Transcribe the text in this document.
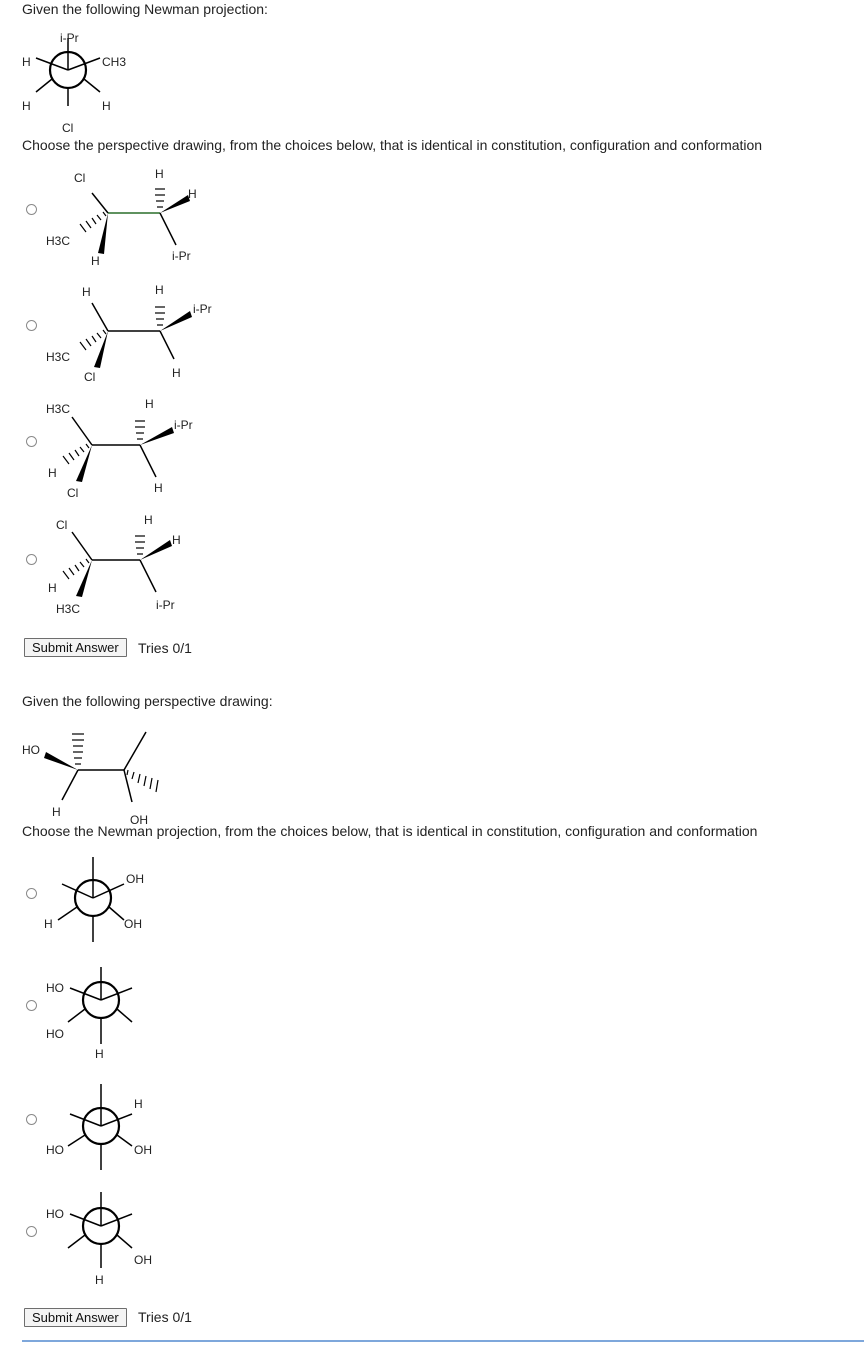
Given the following Newman projection:
i-Pr
CH3
H
H	H
Cl
Choose the perspective drawing, from the choices below, that is identical in constitution, configuration and conformation
Cl
H3C
H
H
H
i-Pr
H
H3C
Cl
H
i-Pr
H
H3C
H
Cl
H
i-Pr
H
Cl
H
H3C
H
H
i-Pr
Submit Answer	Tries 0/1
Given the following perspective drawing:
HO
H
OH
Choose the Newman projection, from the choices below, that is identical in constitution, configuration and conformation
OH
H	OH
HO
HO
H
H
HO	OH
HO
OH
H
Submit Answer	Tries 0/1
